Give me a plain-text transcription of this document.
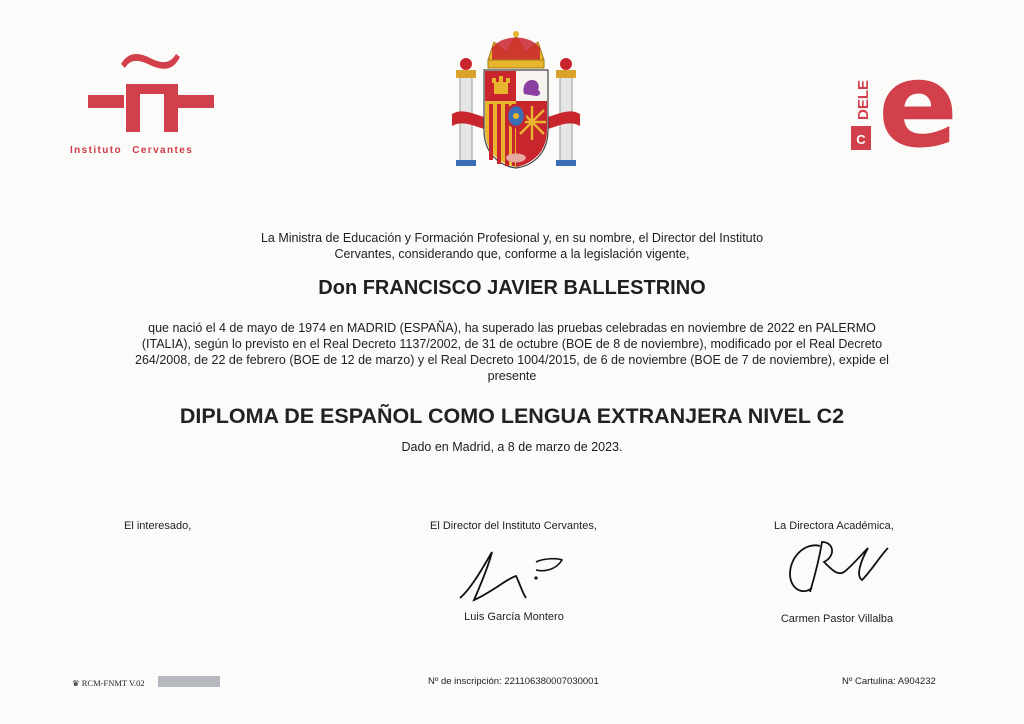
Instituto Cervantes	e
C
DELE
La Ministra de Educación y Formación Profesional y, en su nombre, el Director del Instituto Cervantes, considerando que, conforme a la legislación vigente,
Don FRANCISCO JAVIER BALLESTRINO
que nació el 4 de mayo de 1974 en MADRID (ESPAÑA), ha superado las pruebas celebradas en noviembre de 2022 en PALERMO (ITALIA), según lo previsto en el Real Decreto 1137/2002, de 31 de octubre (BOE de 8 de noviembre), modificado por el Real Decreto 264/2008, de 22 de febrero (BOE de 12 de marzo) y el Real Decreto 1004/2015, de 6 de noviembre (BOE de 7 de noviembre), expide el presente
DIPLOMA DE ESPAÑOL COMO LENGUA EXTRANJERA NIVEL C2
Dado en Madrid, a 8 de marzo de 2023.
El interesado,	El Director del Instituto Cervantes,
Luis García Montero
La Directora Académica,
Carmen Pastor Villalba
♛ RCM-FNMT V.02	Nº de inscripción: 221106380007030001	Nº Cartulina: A904232
